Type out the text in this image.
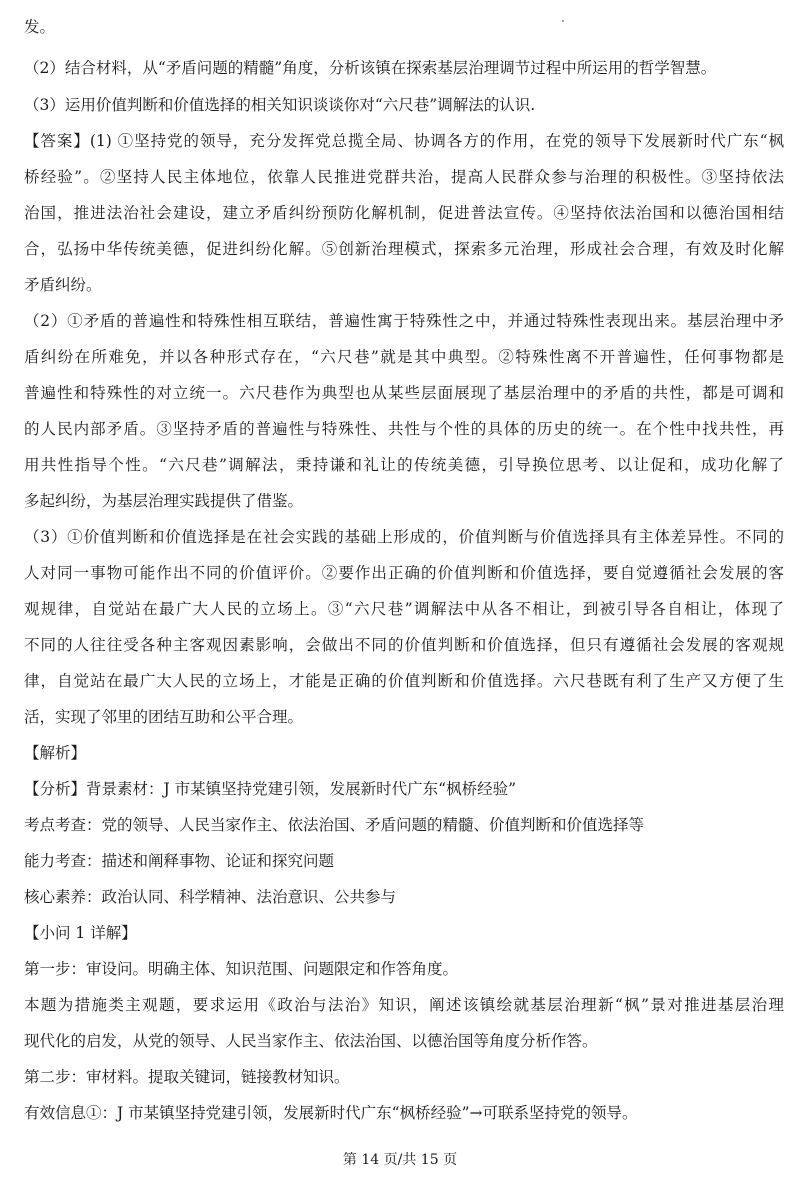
发。
（2）结合材料，从“矛盾问题的精髓”角度，分析该镇在探索基层治理调节过程中所运用的哲学智慧。
（3）运用价值判断和价值选择的相关知识谈谈你对“六尺巷”调解法的认识.
【答案】(1) ①坚持党的领导，充分发挥党总揽全局、协调各方的作用，在党的领导下发展新时代广东“枫
桥经验”。②坚持人民主体地位，依靠人民推进党群共治，提高人民群众参与治理的积极性。③坚持依法
治国，推进法治社会建设，建立矛盾纠纷预防化解机制，促进普法宣传。④坚持依法治国和以德治国相结
合，弘扬中华传统美德，促进纠纷化解。⑤创新治理模式，探索多元治理，形成社会合理，有效及时化解
矛盾纠纷。
（2）①矛盾的普遍性和特殊性相互联结，普遍性寓于特殊性之中，并通过特殊性表现出来。基层治理中矛
盾纠纷在所难免，并以各种形式存在，“六尺巷”就是其中典型。②特殊性离不开普遍性，任何事物都是
普遍性和特殊性的对立统一。六尺巷作为典型也从某些层面展现了基层治理中的矛盾的共性，都是可调和
的人民内部矛盾。③坚持矛盾的普遍性与特殊性、共性与个性的具体的历史的统一。在个性中找共性，再
用共性指导个性。“六尺巷”调解法，秉持谦和礼让的传统美德，引导换位思考、以让促和，成功化解了
多起纠纷，为基层治理实践提供了借鉴。
（3）①价值判断和价值选择是在社会实践的基础上形成的，价值判断与价值选择具有主体差异性。不同的
人对同一事物可能作出不同的价值评价。②要作出正确的价值判断和价值选择，要自觉遵循社会发展的客
观规律，自觉站在最广大人民的立场上。③“六尺巷”调解法中从各不相让，到被引导各自相让，体现了
不同的人往往受各种主客观因素影响，会做出不同的价值判断和价值选择，但只有遵循社会发展的客观规
律，自觉站在最广大人民的立场上，才能是正确的价值判断和价值选择。六尺巷既有利了生产又方便了生
活，实现了邻里的团结互助和公平合理。
【解析】
【分析】背景素材：J 市某镇坚持党建引领，发展新时代广东“枫桥经验”
考点考查：党的领导、人民当家作主、依法治国、矛盾问题的精髓、价值判断和价值选择等
能力考查：描述和阐释事物、论证和探究问题
核心素养：政治认同、科学精神、法治意识、公共参与
【小问 1 详解】
第一步：审设问。明确主体、知识范围、问题限定和作答角度。
本题为措施类主观题，要求运用《政治与法治》知识，阐述该镇绘就基层治理新“枫”景对推进基层治理
现代化的启发，从党的领导、人民当家作主、依法治国、以德治国等角度分析作答。
第二步：审材料。提取关键词，链接教材知识。
有效信息①：J 市某镇坚持党建引领，发展新时代广东“枫桥经验”→可联系坚持党的领导。
第 14 页/共 15 页
